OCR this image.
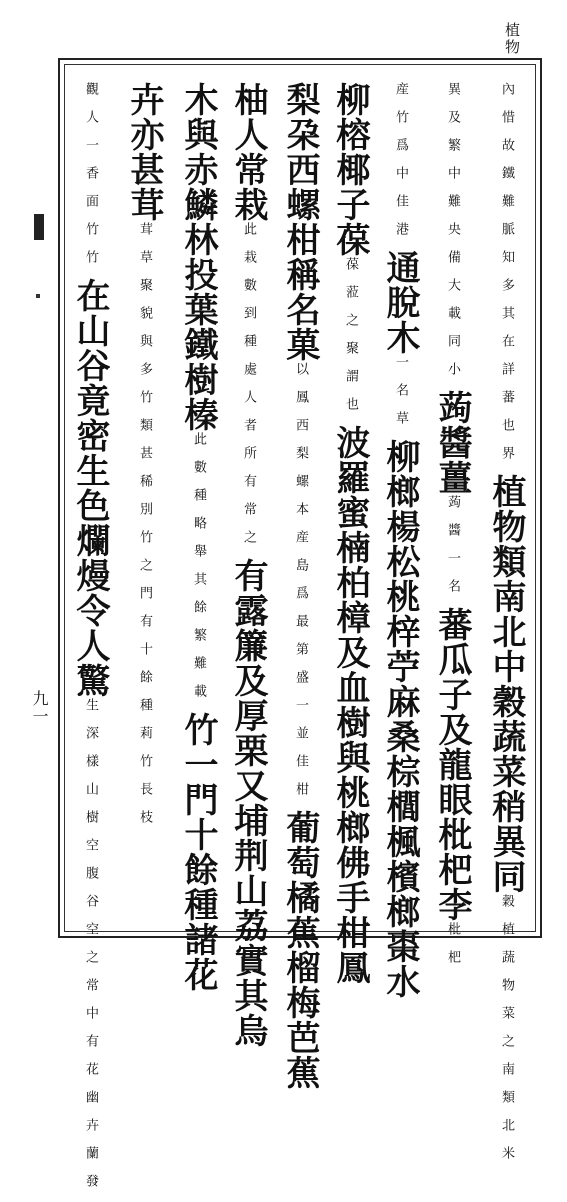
植物
九一
內惜故鐵難脈知多其在詳蕃也界植物類南北中穀蔬菜稍異同穀植蔬物菜之南類北米
異及繁中難央備大載同小蒟醬薑蒟醬一名蕃瓜子及龍眼枇杷李枇杷
産竹爲中佳港通脫木一名草柳榔楊松桃梓苧麻桑棕櫚楓檳榔棗水
柳榕椰子葆葆蒞之聚謂也波羅蜜楠柏樟及血樹與桃榔佛手柑鳳
梨朶西螺柑稱名菓以鳳西梨螺本産島爲最第盛一並佳柑葡萄橘蕉榴梅芭蕉
柚人常栽此栽數到種處人者所有常之有露簾及厚栗又埔荆山荔實其烏
木與赤鱗林投葉鐵樹榛此數種略舉其餘繁難載竹一門十餘種諸花
卉亦甚茸茸草聚貌與多竹類甚稀別竹之門有十餘種莉竹長枝
觀人一香面竹竹在山谷竟密生色爛熳令人驚生深樣山樹空腹谷空之常中有花幽卉蘭發
